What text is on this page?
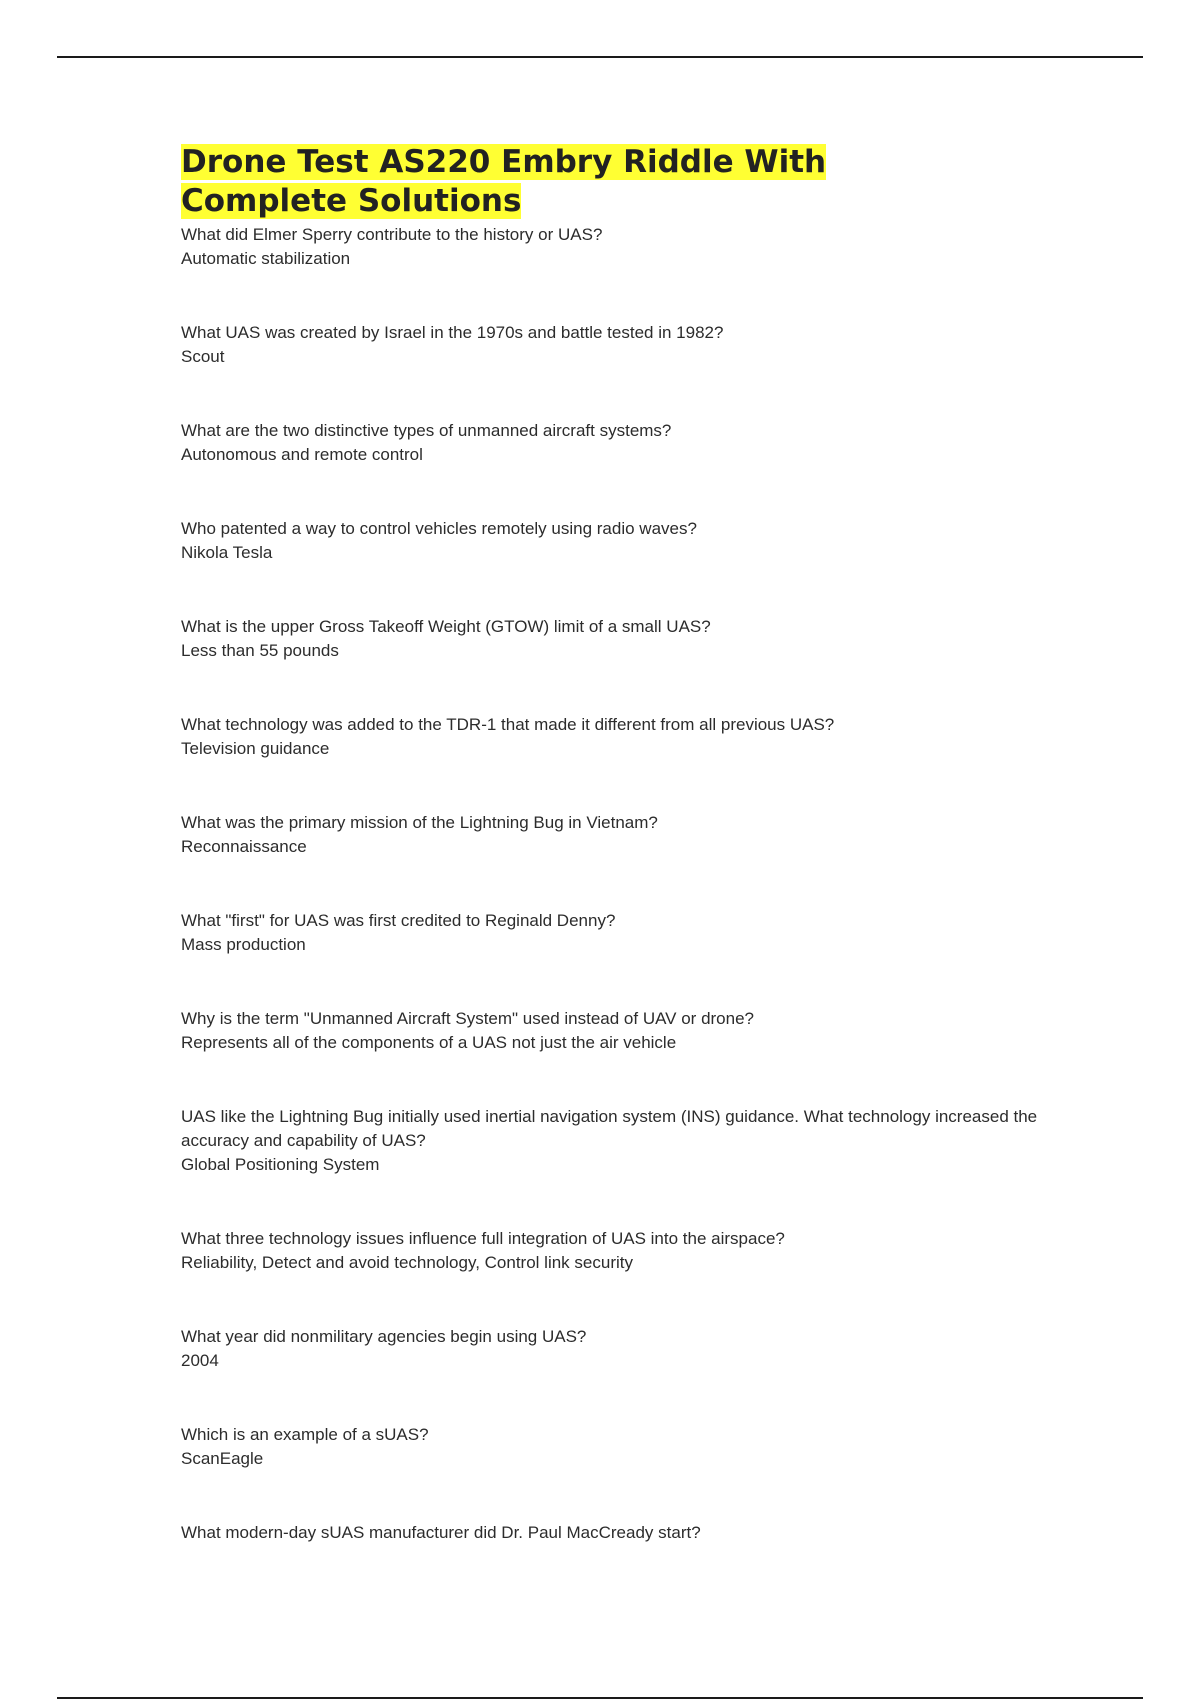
Drone Test AS220 Embry Riddle With Complete Solutions
What did Elmer Sperry contribute to the history or UAS?
Automatic stabilization
What UAS was created by Israel in the 1970s and battle tested in 1982?
Scout
What are the two distinctive types of unmanned aircraft systems?
Autonomous and remote control
Who patented a way to control vehicles remotely using radio waves?
Nikola Tesla
What is the upper Gross Takeoff Weight (GTOW) limit of a small UAS?
Less than 55 pounds
What technology was added to the TDR-1 that made it different from all previous UAS?
Television guidance
What was the primary mission of the Lightning Bug in Vietnam?
Reconnaissance
What "first" for UAS was first credited to Reginald Denny?
Mass production
Why is the term "Unmanned Aircraft System" used instead of UAV or drone?
Represents all of the components of a UAS not just the air vehicle
UAS like the Lightning Bug initially used inertial navigation system (INS) guidance. What technology increased the accuracy and capability of UAS?
Global Positioning System
What three technology issues influence full integration of UAS into the airspace?
Reliability, Detect and avoid technology, Control link security
What year did nonmilitary agencies begin using UAS?
2004
Which is an example of a sUAS?
ScanEagle
What modern-day sUAS manufacturer did Dr. Paul MacCready start?
